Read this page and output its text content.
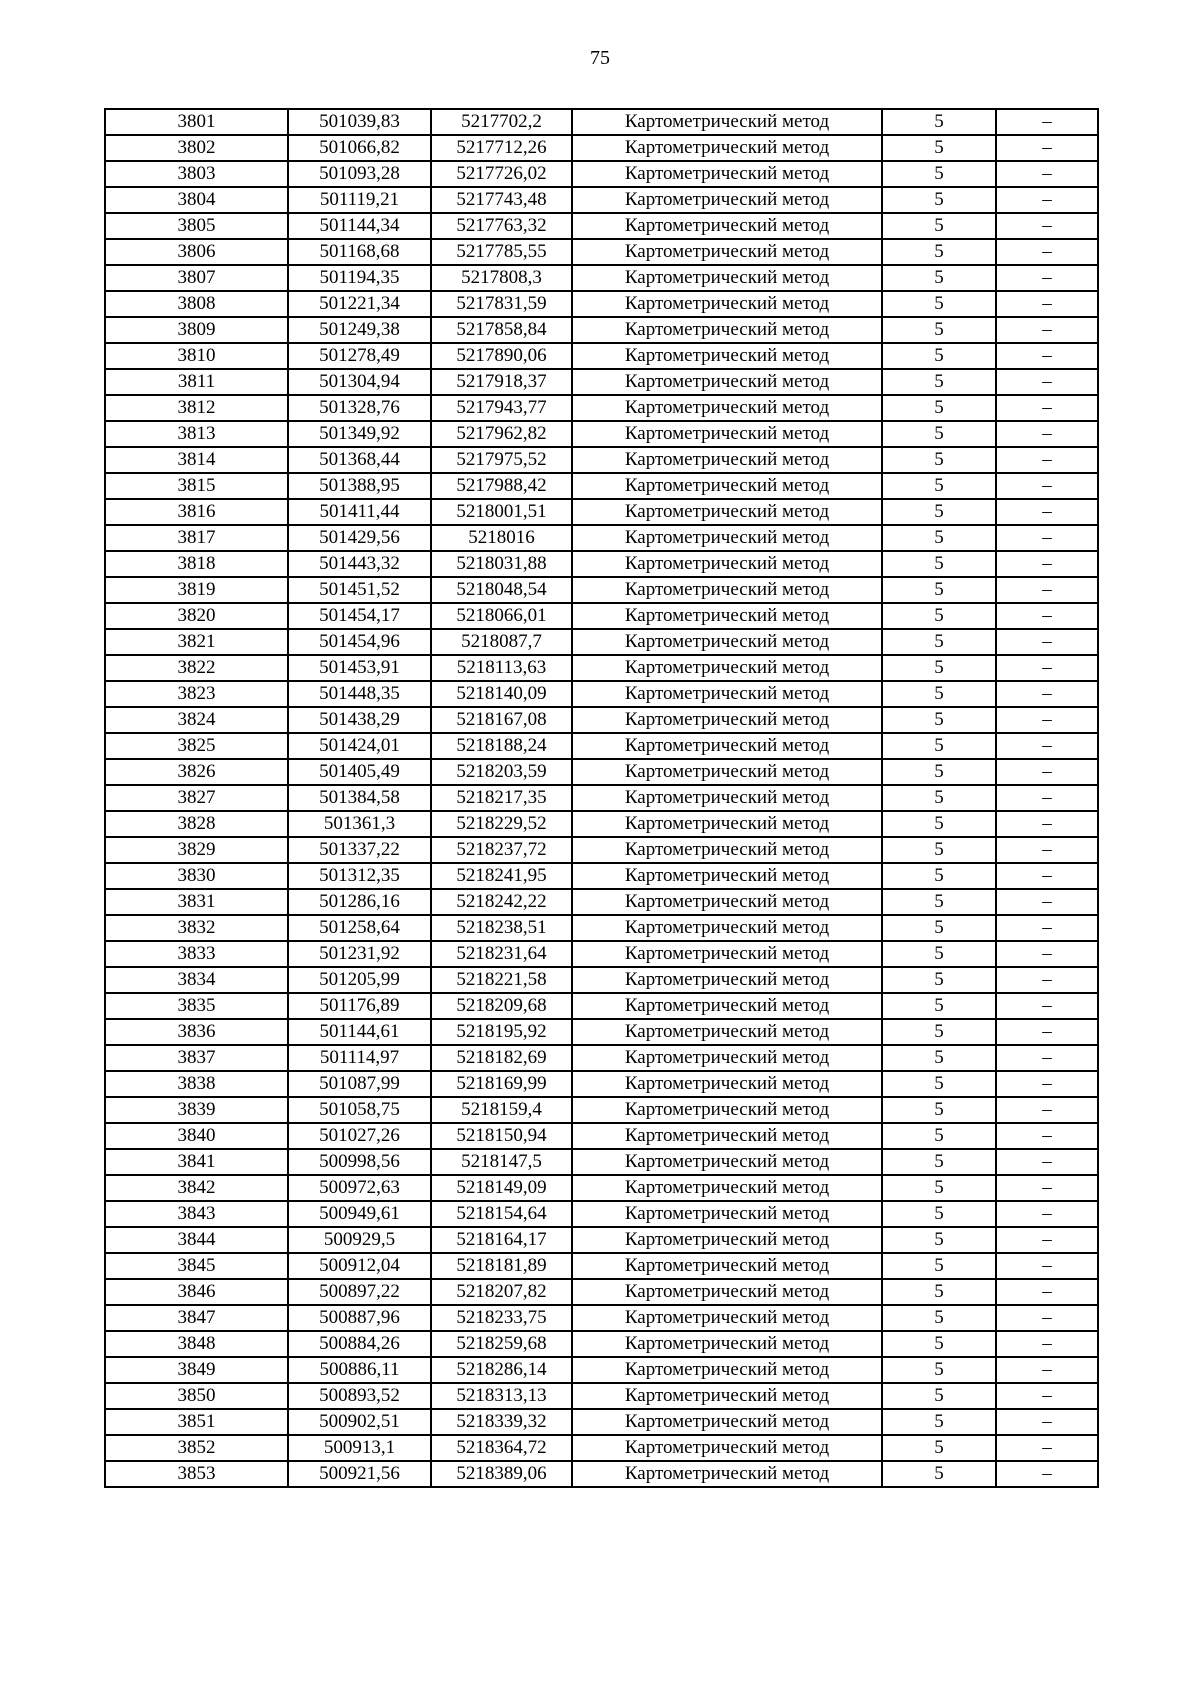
75
3801	501039,83	5217702,2	Картометрический метод	5	–
3802	501066,82	5217712,26	Картометрический метод	5	–
3803	501093,28	5217726,02	Картометрический метод	5	–
3804	501119,21	5217743,48	Картометрический метод	5	–
3805	501144,34	5217763,32	Картометрический метод	5	–
3806	501168,68	5217785,55	Картометрический метод	5	–
3807	501194,35	5217808,3	Картометрический метод	5	–
3808	501221,34	5217831,59	Картометрический метод	5	–
3809	501249,38	5217858,84	Картометрический метод	5	–
3810	501278,49	5217890,06	Картометрический метод	5	–
3811	501304,94	5217918,37	Картометрический метод	5	–
3812	501328,76	5217943,77	Картометрический метод	5	–
3813	501349,92	5217962,82	Картометрический метод	5	–
3814	501368,44	5217975,52	Картометрический метод	5	–
3815	501388,95	5217988,42	Картометрический метод	5	–
3816	501411,44	5218001,51	Картометрический метод	5	–
3817	501429,56	5218016	Картометрический метод	5	–
3818	501443,32	5218031,88	Картометрический метод	5	–
3819	501451,52	5218048,54	Картометрический метод	5	–
3820	501454,17	5218066,01	Картометрический метод	5	–
3821	501454,96	5218087,7	Картометрический метод	5	–
3822	501453,91	5218113,63	Картометрический метод	5	–
3823	501448,35	5218140,09	Картометрический метод	5	–
3824	501438,29	5218167,08	Картометрический метод	5	–
3825	501424,01	5218188,24	Картометрический метод	5	–
3826	501405,49	5218203,59	Картометрический метод	5	–
3827	501384,58	5218217,35	Картометрический метод	5	–
3828	501361,3	5218229,52	Картометрический метод	5	–
3829	501337,22	5218237,72	Картометрический метод	5	–
3830	501312,35	5218241,95	Картометрический метод	5	–
3831	501286,16	5218242,22	Картометрический метод	5	–
3832	501258,64	5218238,51	Картометрический метод	5	–
3833	501231,92	5218231,64	Картометрический метод	5	–
3834	501205,99	5218221,58	Картометрический метод	5	–
3835	501176,89	5218209,68	Картометрический метод	5	–
3836	501144,61	5218195,92	Картометрический метод	5	–
3837	501114,97	5218182,69	Картометрический метод	5	–
3838	501087,99	5218169,99	Картометрический метод	5	–
3839	501058,75	5218159,4	Картометрический метод	5	–
3840	501027,26	5218150,94	Картометрический метод	5	–
3841	500998,56	5218147,5	Картометрический метод	5	–
3842	500972,63	5218149,09	Картометрический метод	5	–
3843	500949,61	5218154,64	Картометрический метод	5	–
3844	500929,5	5218164,17	Картометрический метод	5	–
3845	500912,04	5218181,89	Картометрический метод	5	–
3846	500897,22	5218207,82	Картометрический метод	5	–
3847	500887,96	5218233,75	Картометрический метод	5	–
3848	500884,26	5218259,68	Картометрический метод	5	–
3849	500886,11	5218286,14	Картометрический метод	5	–
3850	500893,52	5218313,13	Картометрический метод	5	–
3851	500902,51	5218339,32	Картометрический метод	5	–
3852	500913,1	5218364,72	Картометрический метод	5	–
3853	500921,56	5218389,06	Картометрический метод	5	–
